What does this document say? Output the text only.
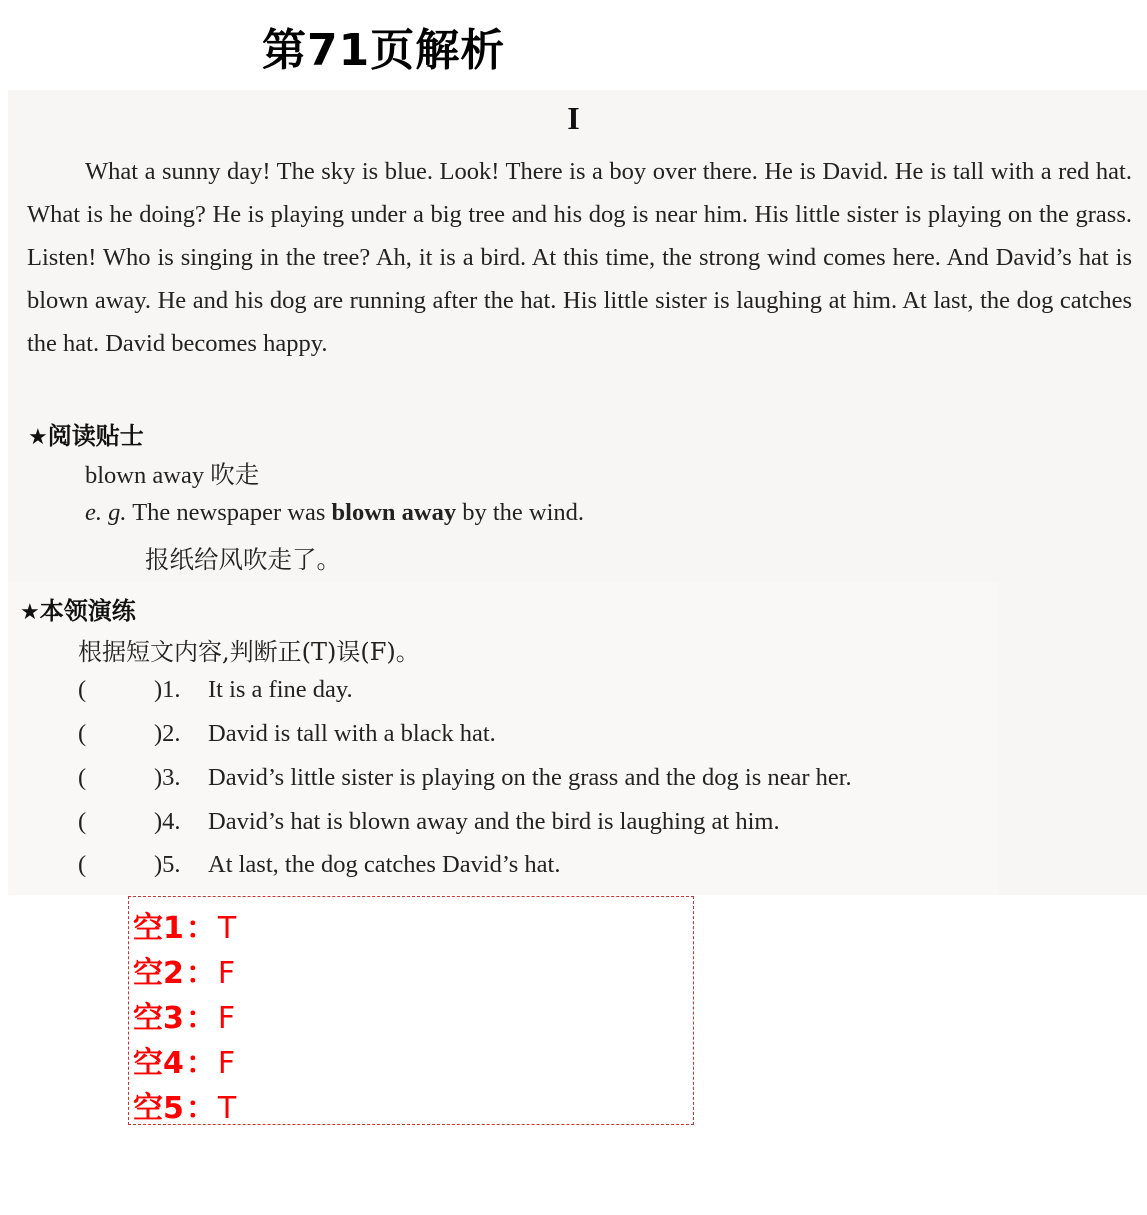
第71页解析
I

What a sunny day! The sky is blue. Look! There is a boy over there. He is David. He is tall with a red hat. What is he doing? He is playing under a big tree and his dog is near him. His little sister is playing on the grass. Listen! Who is singing in the tree? Ah, it is a bird. At this time, the strong wind comes here. And David’s hat is blown away. He and his dog are running after the hat. His little sister is laughing at him. At last, the dog catches the hat. David becomes happy.

★阅读贴士
blown away 吹走
e. g. The newspaper was blown away by the wind.
报纸给风吹走了。
★本领演练
根据短文内容,判断正(T)误(F)。
(	)1. It is a fine day.
(	)2. David is tall with a black hat.
(	)3. David’s little sister is playing on the grass and the dog is near her.
(	)4. David’s hat is blown away and the bird is laughing at him.
(	)5. At last, the dog catches David’s hat.
空1：T
空2：F
空3：F
空4：F
空5：T
